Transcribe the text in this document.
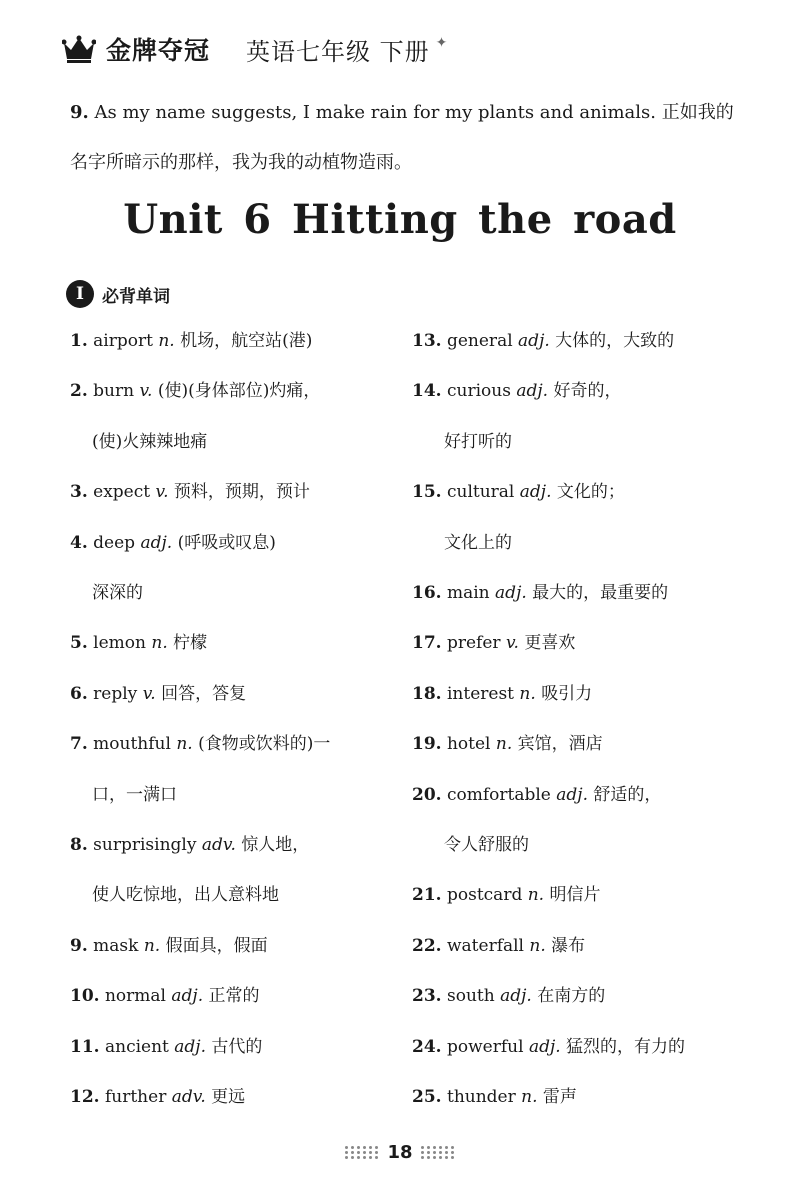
金牌夺冠 英语七年级 下册 ✦
9. As my name suggests, I make rain for my plants and animals. 正如我的名字所暗示的那样，我为我的动植物造雨。
Unit 6 Hitting the road
Ⅰ	必背单词
1. airport n. 机场，航空站(港)
2. burn v. (使)(身体部位)灼痛，
(使)火辣辣地痛
3. expect v. 预料，预期，预计
4. deep adj. (呼吸或叹息)
深深的
5. lemon n. 柠檬
6. reply v. 回答，答复
7. mouthful n. (食物或饮料的)一
口，一满口
8. surprisingly adv. 惊人地，
使人吃惊地，出人意料地
9. mask n. 假面具，假面
10. normal adj. 正常的
11. ancient adj. 古代的
12. further adv. 更远
13. general adj. 大体的，大致的
14. curious adj. 好奇的，
好打听的
15. cultural adj. 文化的；
文化上的
16. main adj. 最大的，最重要的
17. prefer v. 更喜欢
18. interest n. 吸引力
19. hotel n. 宾馆，酒店
20. comfortable adj. 舒适的，
令人舒服的
21. postcard n. 明信片
22. waterfall n. 瀑布
23. south adj. 在南方的
24. powerful adj. 猛烈的，有力的
25. thunder n. 雷声
18
